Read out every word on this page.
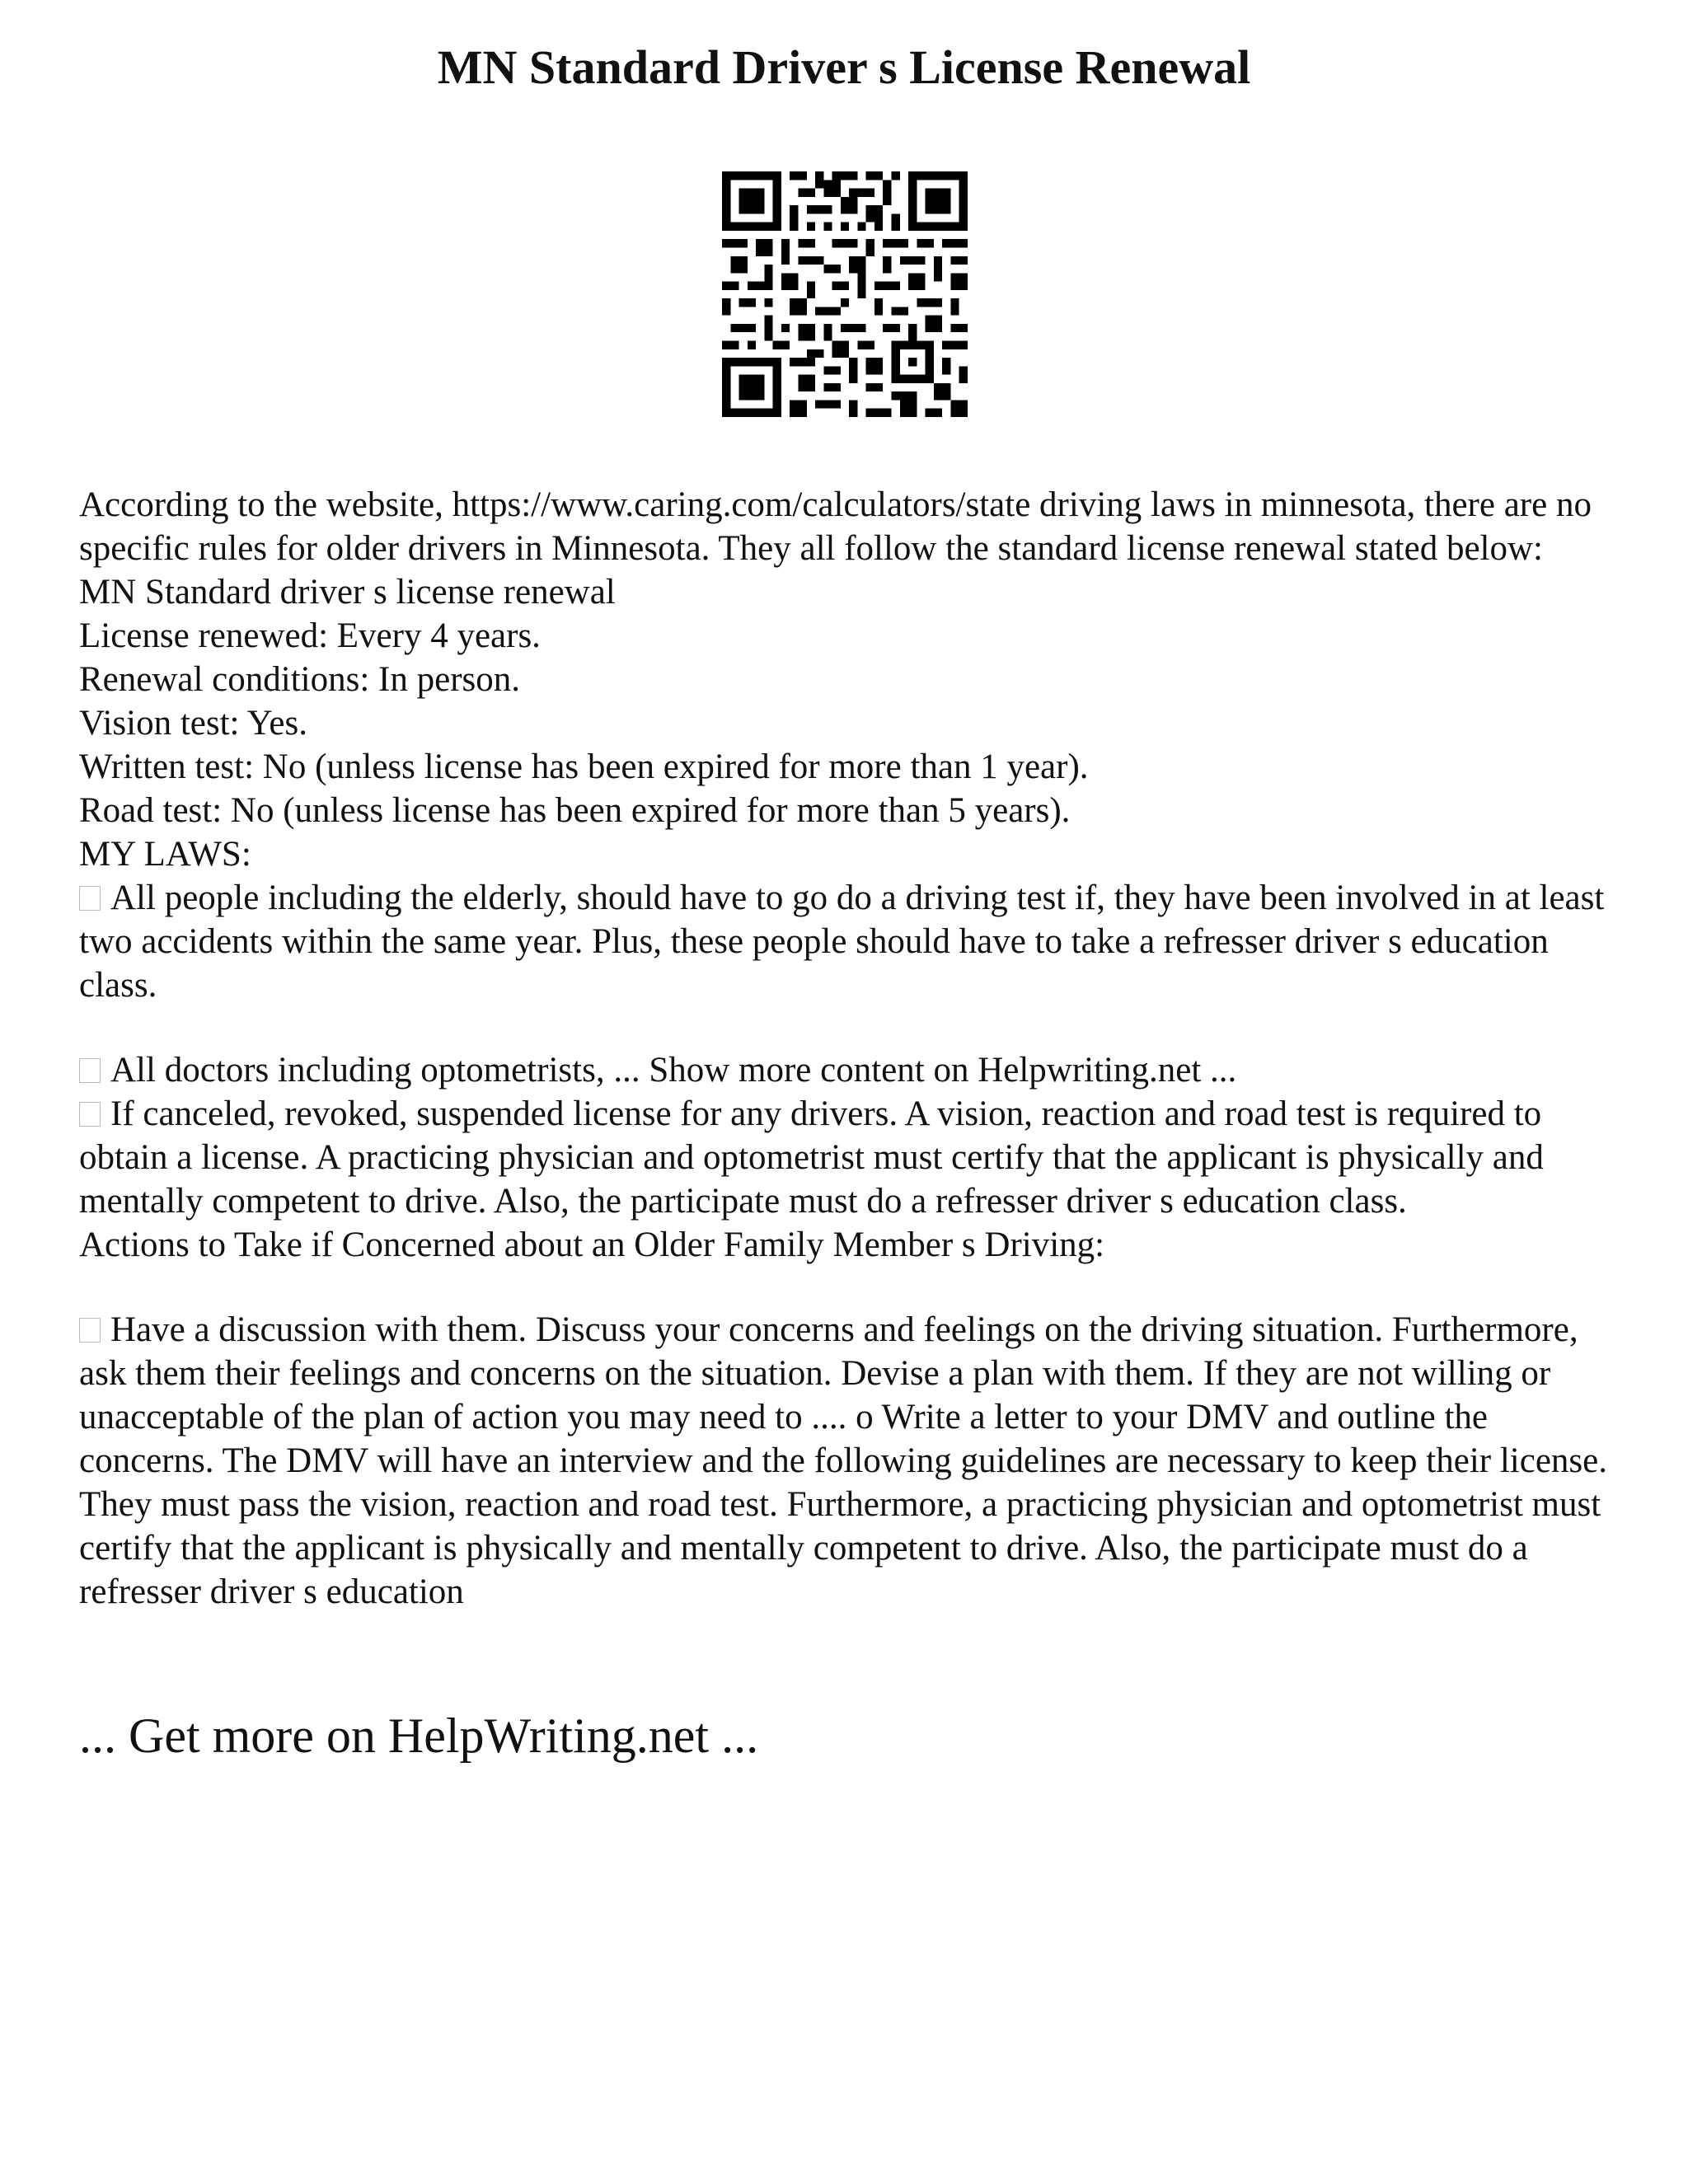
MN Standard Driver s License Renewal

According to the website, https://www.caring.com/calculators/state driving laws in minnesota, there are no specific rules for older drivers in Minnesota. They all follow the standard license renewal stated below:

MN Standard driver s license renewal

License renewed: Every 4 years.

Renewal conditions: In person.

Vision test: Yes.

Written test: No (unless license has been expired for more than 1 year).

Road test: No (unless license has been expired for more than 5 years).

MY LAWS:

All people including the elderly, should have to go do a driving test if, they have been involved in at least two accidents within the same year. Plus, these people should have to take a refresser driver s education class.

All doctors including optometrists, ... Show more content on Helpwriting.net ...

If canceled, revoked, suspended license for any drivers. A vision, reaction and road test is required to obtain a license. A practicing physician and optometrist must certify that the applicant is physically and mentally competent to drive. Also, the participate must do a refresser driver s education class.

Actions to Take if Concerned about an Older Family Member s Driving:

Have a discussion with them. Discuss your concerns and feelings on the driving situation. Furthermore, ask them their feelings and concerns on the situation. Devise a plan with them. If they are not willing or unacceptable of the plan of action you may need to .... o Write a letter to your DMV and outline the concerns. The DMV will have an interview and the following guidelines are necessary to keep their license. They must pass the vision, reaction and road test. Furthermore, a practicing physician and optometrist must certify that the applicant is physically and mentally competent to drive. Also, the participate must do a refresser driver s education

... Get more on HelpWriting.net ...
